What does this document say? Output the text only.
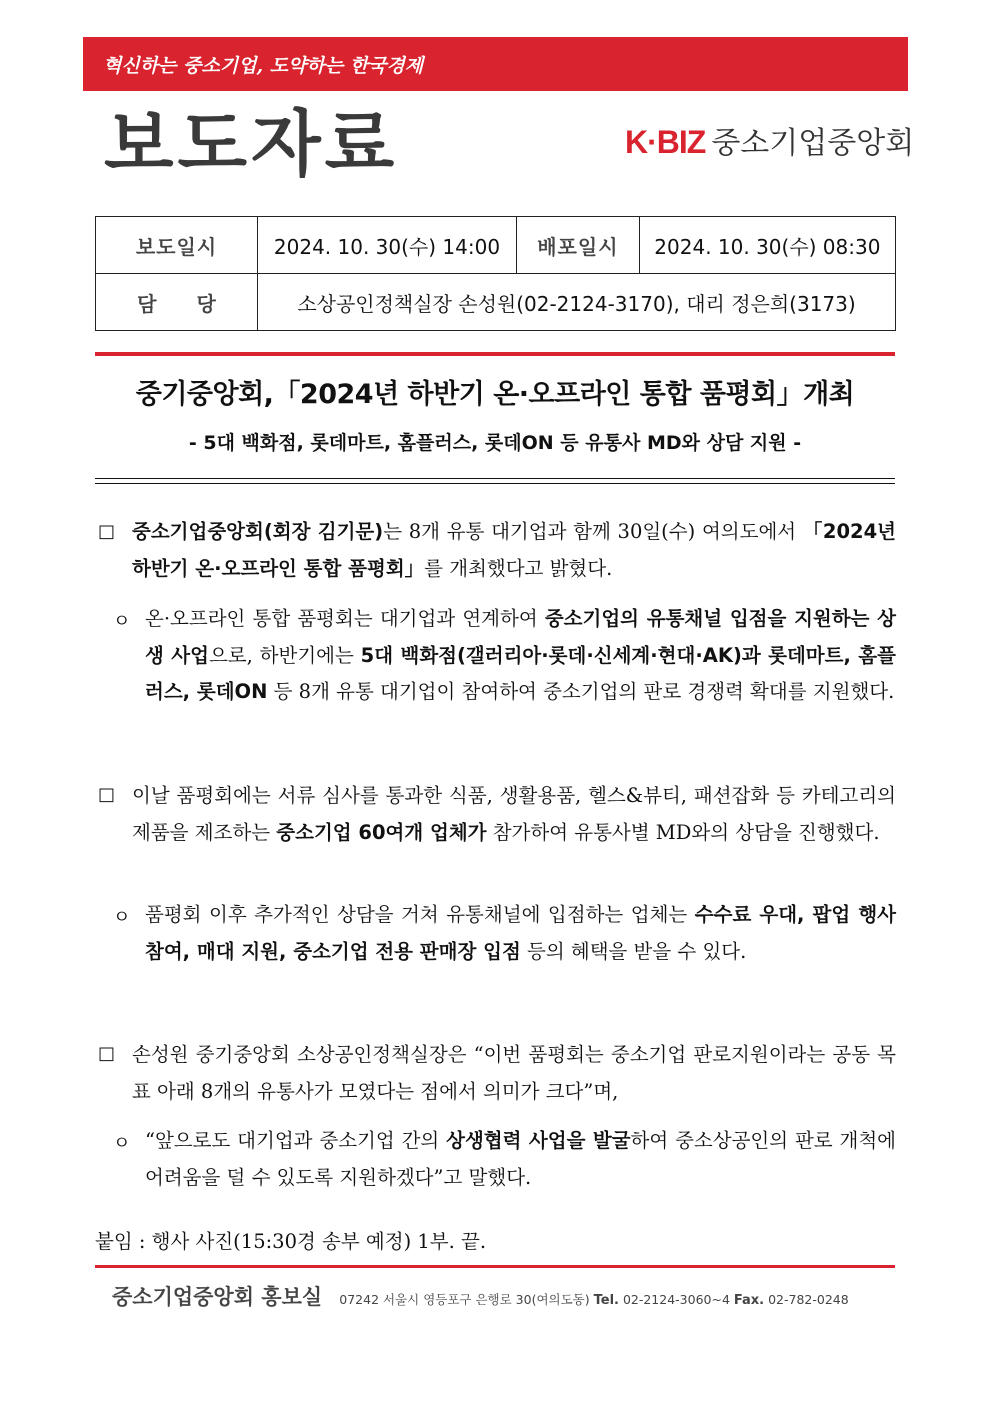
혁신하는 중소기업, 도약하는 한국경제
보도자료	K·BIZ 중소기업중앙회
보도일시	2024. 10. 30(수) 14:00	배포일시	2024. 10. 30(수) 08:30
담당	소상공인정책실장 손성원(02-2124-3170), 대리 정은희(3173)		
중기중앙회,「2024년 하반기 온·오프라인 통합 품평회」개최
- 5대 백화점, 롯데마트, 홈플러스, 롯데ON 등 유통사 MD와 상담 지원 -
□ 중소기업중앙회(회장 김기문)는 8개 유통 대기업과 함께 30일(수) 여의도에서 「2024년 하반기 온·오프라인 통합 품평회」를 개최했다고 밝혔다.
ㅇ 온·오프라인 통합 품평회는 대기업과 연계하여 중소기업의 유통채널 입점을 지원하는 상생 사업으로, 하반기에는 5대 백화점(갤러리아·롯데·신세계·현대·AK)과 롯데마트, 홈플러스, 롯데ON 등 8개 유통 대기업이 참여하여 중소기업의 판로 경쟁력 확대를 지원했다.
□ 이날 품평회에는 서류 심사를 통과한 식품, 생활용품, 헬스&뷰티, 패션잡화 등 카테고리의 제품을 제조하는 중소기업 60여개 업체가 참가하여 유통사별 MD와의 상담을 진행했다.
ㅇ 품평회 이후 추가적인 상담을 거쳐 유통채널에 입점하는 업체는 수수료 우대, 팝업 행사 참여, 매대 지원, 중소기업 전용 판매장 입점 등의 혜택을 받을 수 있다.
□ 손성원 중기중앙회 소상공인정책실장은 “이번 품평회는 중소기업 판로지원이라는 공동 목표 아래 8개의 유통사가 모였다는 점에서 의미가 크다”며,
ㅇ “앞으로도 대기업과 중소기업 간의 상생협력 사업을 발굴하여 중소상공인의 판로 개척에 어려움을 덜 수 있도록 지원하겠다”고 말했다.
붙임 : 행사 사진(15:30경 송부 예정) 1부. 끝.
중소기업중앙회 홍보실 07242 서울시 영등포구 은행로 30(여의도동) Tel. 02-2124-3060~4 Fax. 02-782-0248
